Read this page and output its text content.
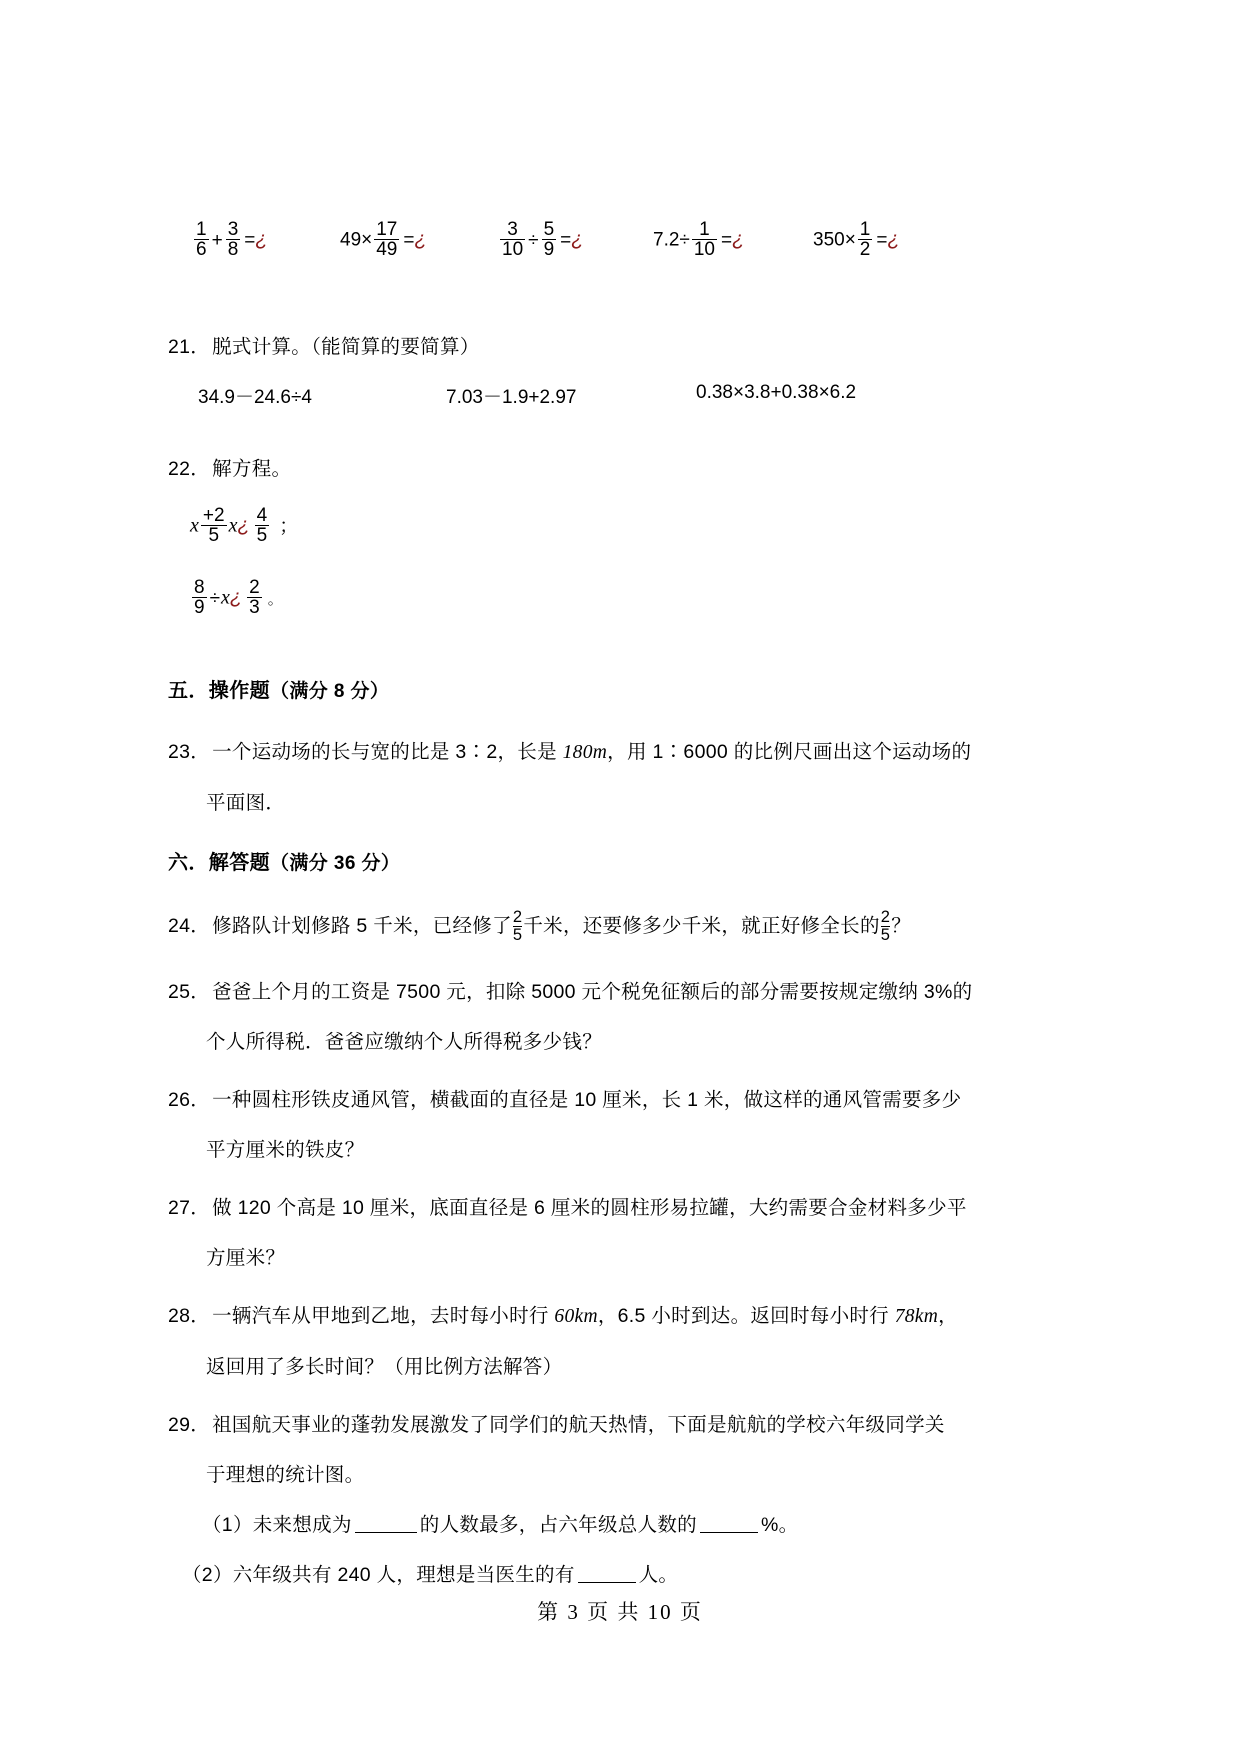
$\frac{1}{6} + \frac{3}{8}$ =¿	$49\times \frac{17}{49}$ =¿	$\frac{3}{10} \div \frac{5}{9}$ =¿	$7.2\div \frac{1}{10}$ =¿	$350\times \frac{1}{2}$ =¿
21． 脱式计算。（能简算的要简算）
34.9－24.6÷4	7.03－1.9+2.97	0.38×3.8+0.38×6.2
22． 解方程。
x $\frac{+2}{5}$ x¿ $\frac{4}{5}$ ；
$\frac{8}{9}$ ÷x¿ $\frac{2}{3}$ 。
五．操作题（满分 8 分）
23． 一个运动场的长与宽的比是 3∶2，长是 180m，用 1∶6000 的比例尺画出这个运动场的
平面图．
六．解答题（满分 36 分）
24． 修路队计划修路 5 千米，已经修了 $\frac{2}{5}$ 千米，还要修多少千米，就正好修全长的 $\frac{2}{5}$ ？
25． 爸爸上个月的工资是 7500 元，扣除 5000 元个税免征额后的部分需要按规定缴纳 3%的
个人所得税．爸爸应缴纳个人所得税多少钱？
26． 一种圆柱形铁皮通风管，横截面的直径是 10 厘米，长 1 米，做这样的通风管需要多少
平方厘米的铁皮？
27． 做 120 个高是 10 厘米，底面直径是 6 厘米的圆柱形易拉罐，大约需要合金材料多少平
方厘米？
28． 一辆汽车从甲地到乙地，去时每小时行 60km，6.5 小时到达。返回时每小时行 78km，
返回用了多长时间？（用比例方法解答）
29． 祖国航天事业的蓬勃发展激发了同学们的航天热情，下面是航航的学校六年级同学关
于理想的统计图。
（1）未来想成为	的人数最多，占六年级总人数的	%。
（2）六年级共有 240 人，理想是当医生的有	人。
第 3 页 共 10 页
